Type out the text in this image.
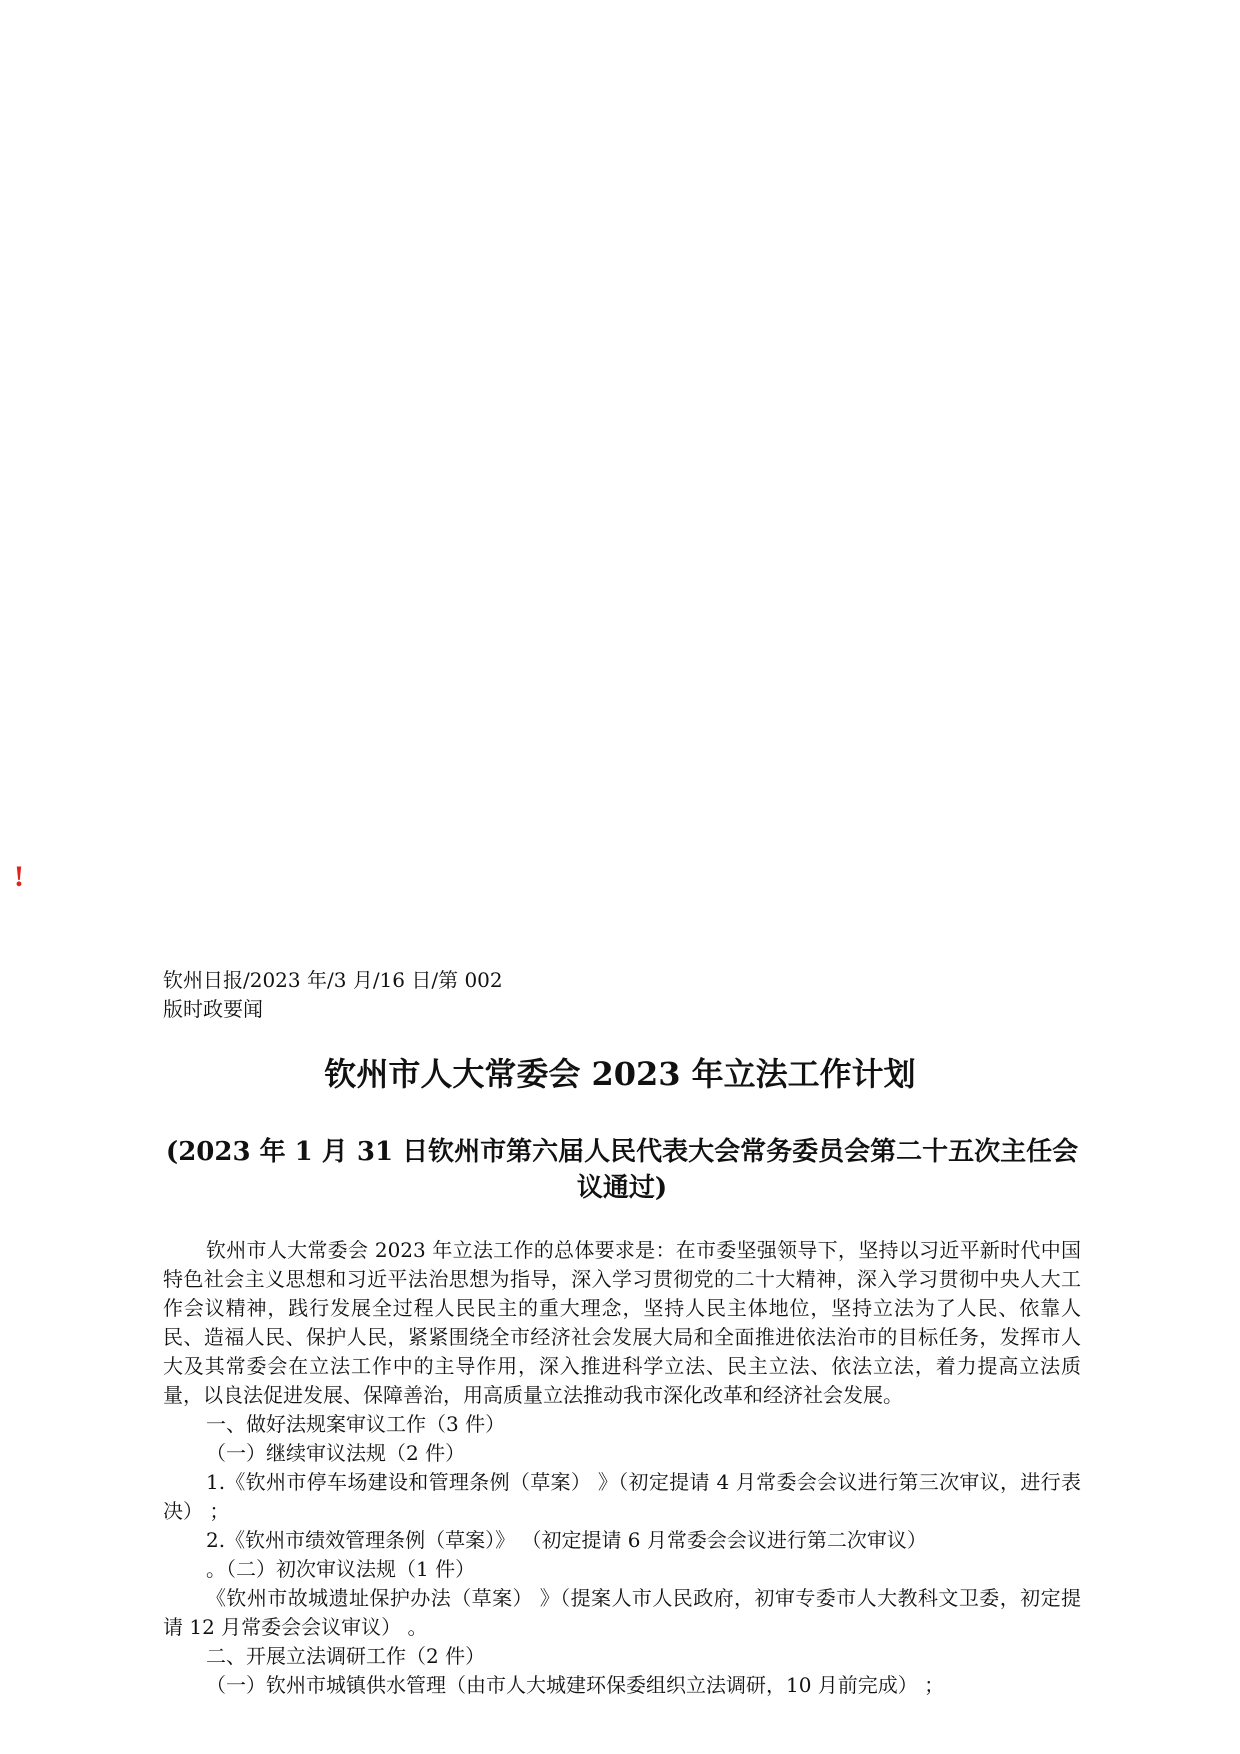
!
钦州日报/2023 年/3 月/16 日/第 002
版时政要闻
钦州市人大常委会 2023 年立法工作计划
(2023 年 1 月 31 日钦州市第六届人民代表大会常务委员会第二十五次主任会议通过)

钦州市人大常委会 2023 年立法工作的总体要求是：在市委坚强领导下，坚持以习近平新时代中国特色社会主义思想和习近平法治思想为指导，深入学习贯彻党的二十大精神，深入学习贯彻中央人大工作会议精神，践行发展全过程人民民主的重大理念，坚持人民主体地位，坚持立法为了人民、依靠人民、造福人民、保护人民，紧紧围绕全市经济社会发展大局和全面推进依法治市的目标任务，发挥市人大及其常委会在立法工作中的主导作用，深入推进科学立法、民主立法、依法立法，着力提高立法质量，以良法促进发展、保障善治，用高质量立法推动我市深化改革和经济社会发展。

一、做好法规案审议工作（3 件）

（一）继续审议法规（2 件）

1.《钦州市停车场建设和管理条例（草案） 》（初定提请 4 月常委会会议进行第三次审议，进行表决） ；

2.《钦州市绩效管理条例（草案）》 （初定提请 6 月常委会会议进行第二次审议）

。（二）初次审议法规（1 件）

《钦州市故城遗址保护办法（草案） 》（提案人市人民政府，初审专委市人大教科文卫委，初定提请 12 月常委会会议审议） 。

二、开展立法调研工作（2 件）

（一）钦州市城镇供水管理（由市人大城建环保委组织立法调研，10 月前完成） ；
